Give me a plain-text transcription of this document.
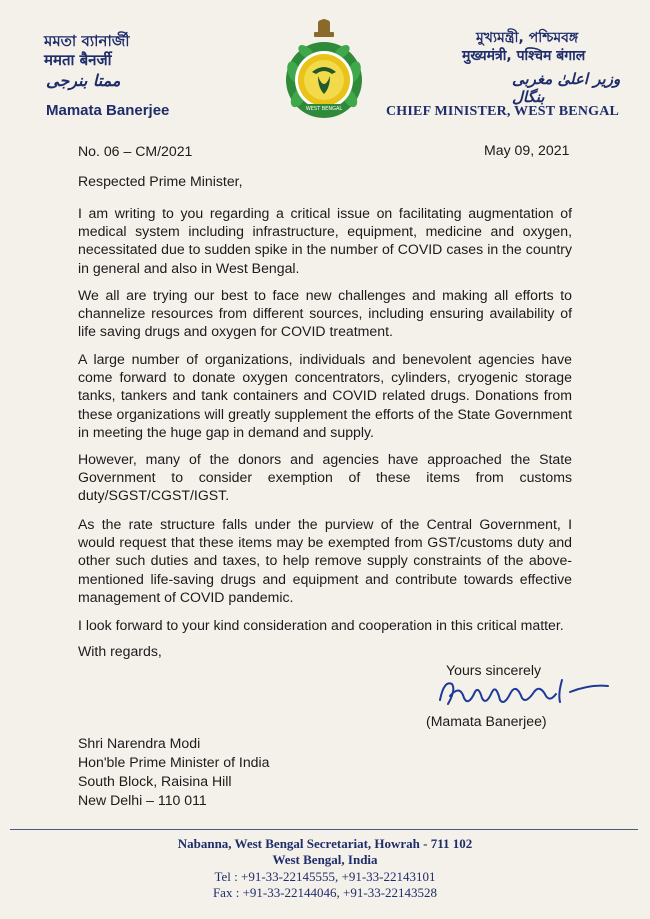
মমতা ব্যানার্জী
ममता बैनर्जी
ممتا بنرجی
Mamata Banerjee	WEST BENGAL
মুখ্যমন্ত্রী, পশ্চিমবঙ্গ
मुख्यमंत्री, पश्चिम बंगाल
وزیر اعلیٰ مغربی بنگال
CHIEF MINISTER, WEST BENGAL
No. 06 – CM/2021	May 09, 2021
Respected Prime Minister,
I am writing to you regarding a critical issue on facilitating augmentation of medical system including infrastructure, equipment, medicine and oxygen, necessitated due to sudden spike in the number of COVID cases in the country in general and also in West Bengal.
We all are trying our best to face new challenges and making all efforts to channelize resources from different sources, including ensuring availability of life saving drugs and oxygen for COVID treatment.
A large number of organizations, individuals and benevolent agencies have come forward to donate oxygen concentrators, cylinders, cryogenic storage tanks, tankers and tank containers and COVID related drugs. Donations from these organizations will greatly supplement the efforts of the State Government in meeting the huge gap in demand and supply.
However, many of the donors and agencies have approached the State Government to consider exemption of these items from customs duty/SGST/CGST/IGST.
As the rate structure falls under the purview of the Central Government, I would request that these items may be exempted from GST/customs duty and other such duties and taxes, to help remove supply constraints of the above-mentioned life-saving drugs and equipment and contribute towards effective management of COVID pandemic.
I look forward to your kind consideration and cooperation in this critical matter.
With regards,
Yours sincerely
(Mamata Banerjee)
Shri Narendra Modi
Hon'ble Prime Minister of India
South Block, Raisina Hill
New Delhi – 110 011
Nabanna, West Bengal Secretariat, Howrah - 711 102
West Bengal, India
Tel : +91-33-22145555, +91-33-22143101
Fax : +91-33-22144046, +91-33-22143528
